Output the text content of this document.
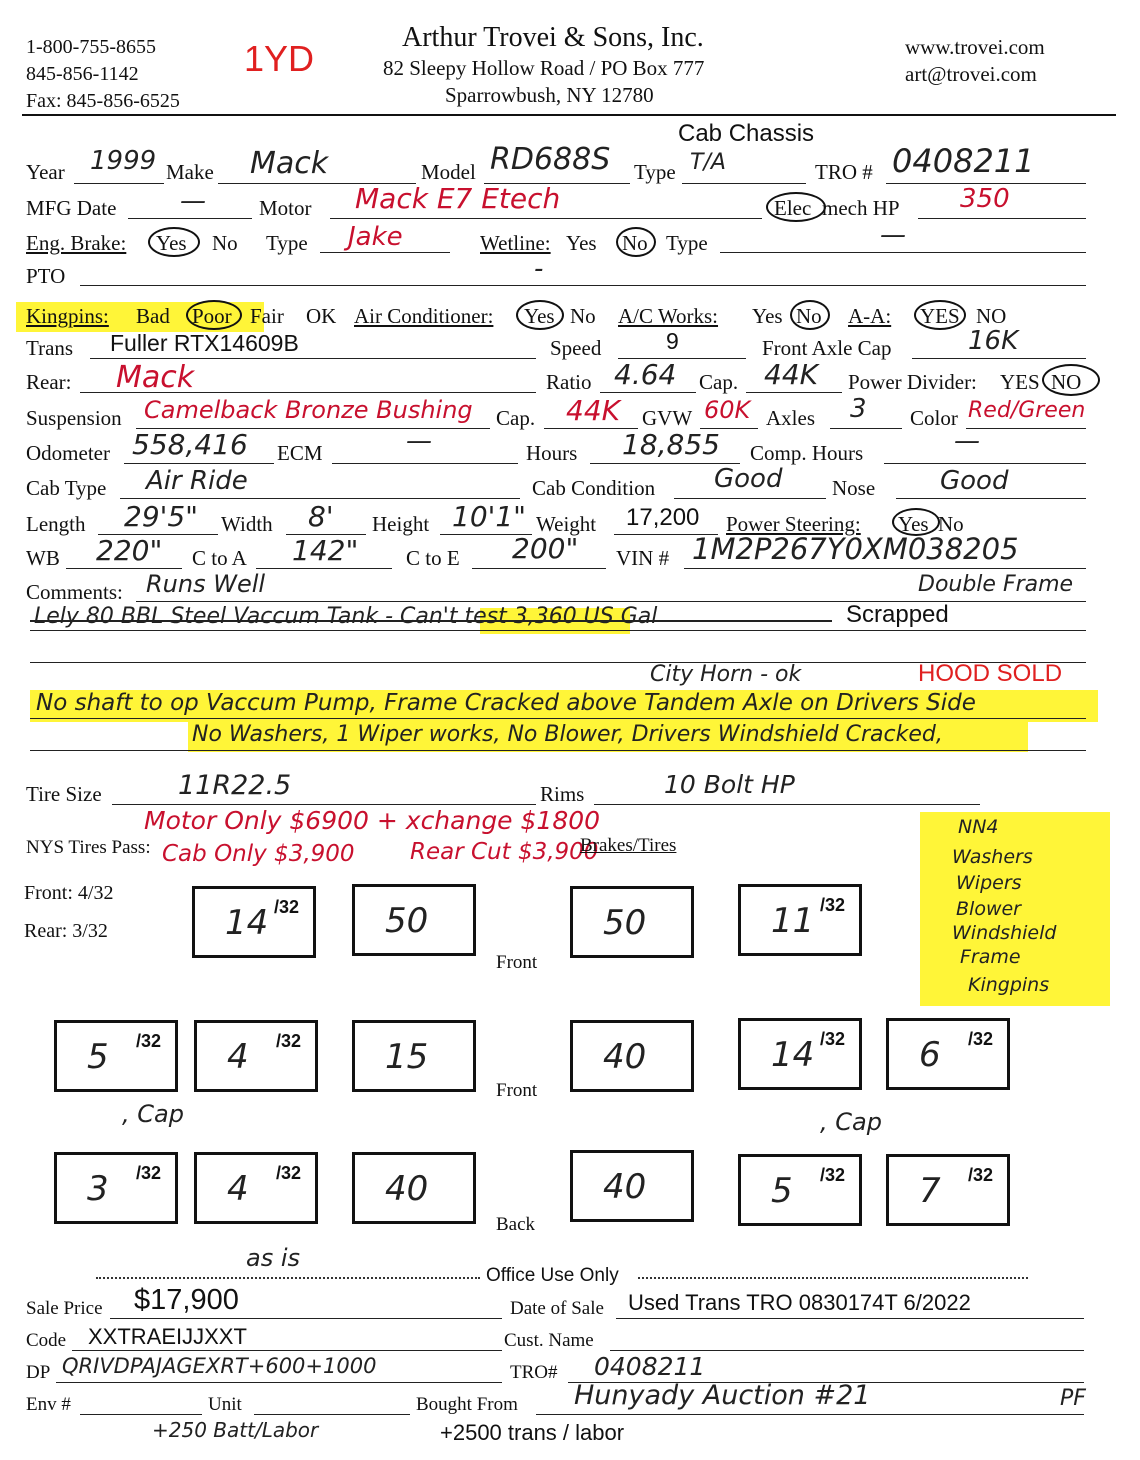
1-800-755-8655
845-856-1142
Fax: 845-856-6525
1YD
Arthur Trovei & Sons, Inc.
82 Sleepy Hollow Road / PO Box 777
Sparrowbush, NY 12780
www.trovei.com
art@trovei.com
Cab Chassis
Year 1999 Make Mack	Model RD688S Type T/A	TRO # 0408211
MFG Date —	Motor Mack E7 Etech	Elec mech HP 350
Eng. Brake: Yes No Type Jake	Wetline: Yes No Type	—
PTO	-
Kingpins: Bad Poor Fair OK Air Conditioner: Yes No A/C Works: Yes No A-A: YES NO
Trans Fuller RTX14609B	Speed	9	Front Axle Cap	16K
Rear: Mack	Ratio 4.64 Cap. 44K Power Divider: YES NO
Suspension Camelback Bronze Bushing Cap. 44K GVW 60K Axles 3 Color Red/Green
Odometer 558,416 ECM	—	Hours 18,855 Comp. Hours	—
Cab Type Air Ride	Cab Condition Good Nose Good
Length 29'5" Width 8' Height 10'1" Weight 17,200 Power Steering: Yes No
WB 220" C to A 142" C to E 200" VIN # 1M2P267Y0XM038205
Comments: Runs Well	Double Frame
Lely 80 BBL Steel Vaccum Tank - Can't test 3,360 US Gal	Scrapped
City Horn - ok	HOOD SOLD
No shaft to op Vaccum Pump, Frame Cracked above Tandem Axle on Drivers Side
No Washers, 1 Wiper works, No Blower, Drivers Windshield Cracked,
Tire Size	11R22.5	Rims	10 Bolt HP
Motor Only $6900 + xchange $1800
NYS Tires Pass: Cab Only $3,900 Rear Cut $3,900
Brakes/Tires
NN4
Washers
Wipers
Blower
Windshield
Frame
Kingpins
Front: 4/32
Rear: 3/32	14 /32	50	50	11 /32
Front
5 /32 4 /32 15	40	14 /32 6 /32
Front
, Cap	, Cap
3 /32 4 /32 40	40	5 /32 7 /32
Back
as is
Office Use Only
Sale Price $17,900	Date of Sale Used Trans TRO 0830174T 6/2022
Code XXTRAEIJJXXT	Cust. Name
DP QRIVDPAJAGEXRT+600+1000	TRO# 0408211
Env #	Unit	Bought From Hunyady Auction #21	PF
+250 Batt/Labor	+2500 trans / labor
